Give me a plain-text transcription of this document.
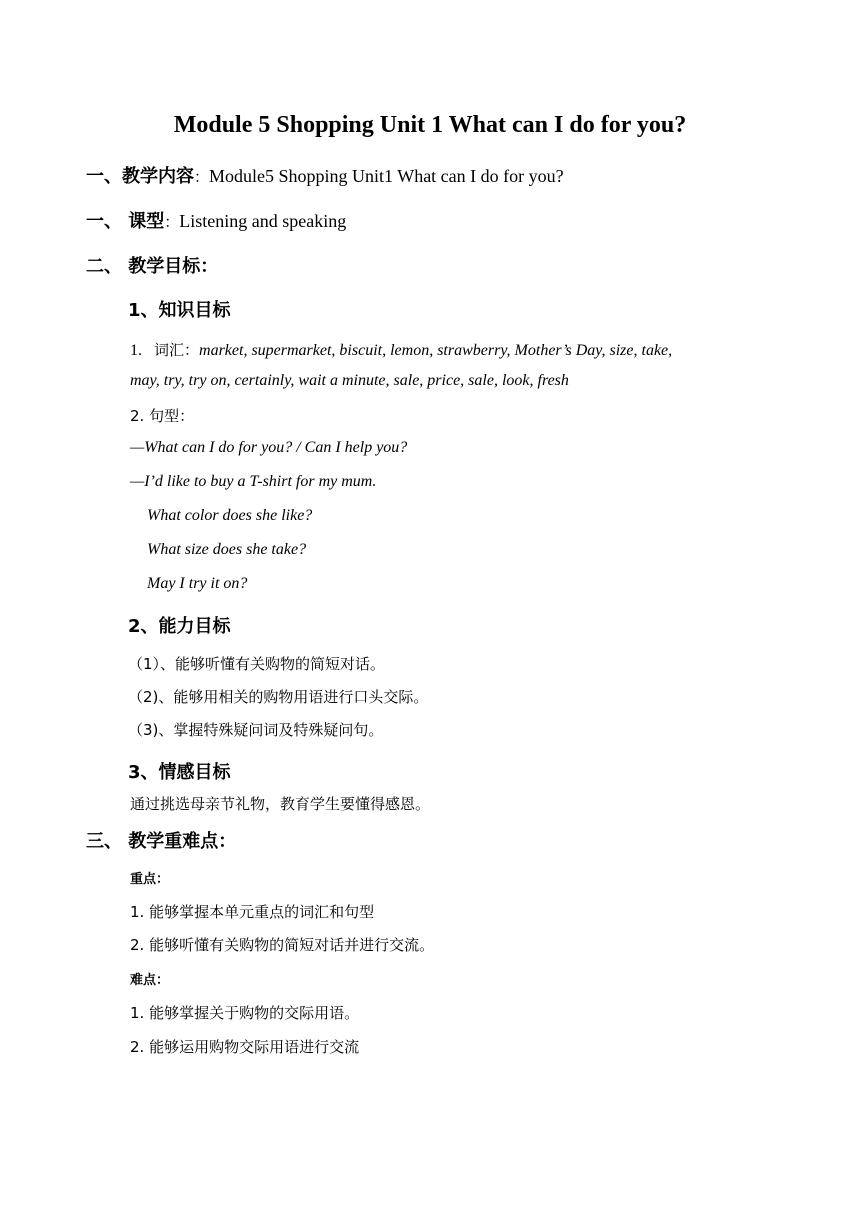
Module 5 Shopping Unit 1 What can I do for you?
一、教学内容：Module5 Shopping Unit1 What can I do for you?
一、 课型：Listening and speaking
二、 教学目标：
1、知识目标
1. 词汇：market, supermarket, biscuit, lemon, strawberry, Mother’s Day, size, take,
may, try, try on, certainly, wait a minute, sale, price, sale, look, fresh
2. 句型：
—What can I do for you? / Can I help you?
—I’d like to buy a T-shirt for my mum.
What color does she like?
What size does she take?
May I try it on?
2、能力目标
（1）、能够听懂有关购物的简短对话。
（2)、能够用相关的购物用语进行口头交际。
（3)、掌握特殊疑问词及特殊疑问句。
3、情感目标
通过挑选母亲节礼物，教育学生要懂得感恩。
三、 教学重难点：
重点：
1. 能够掌握本单元重点的词汇和句型
2. 能够听懂有关购物的简短对话并进行交流。
难点：
1. 能够掌握关于购物的交际用语。
2. 能够运用购物交际用语进行交流
